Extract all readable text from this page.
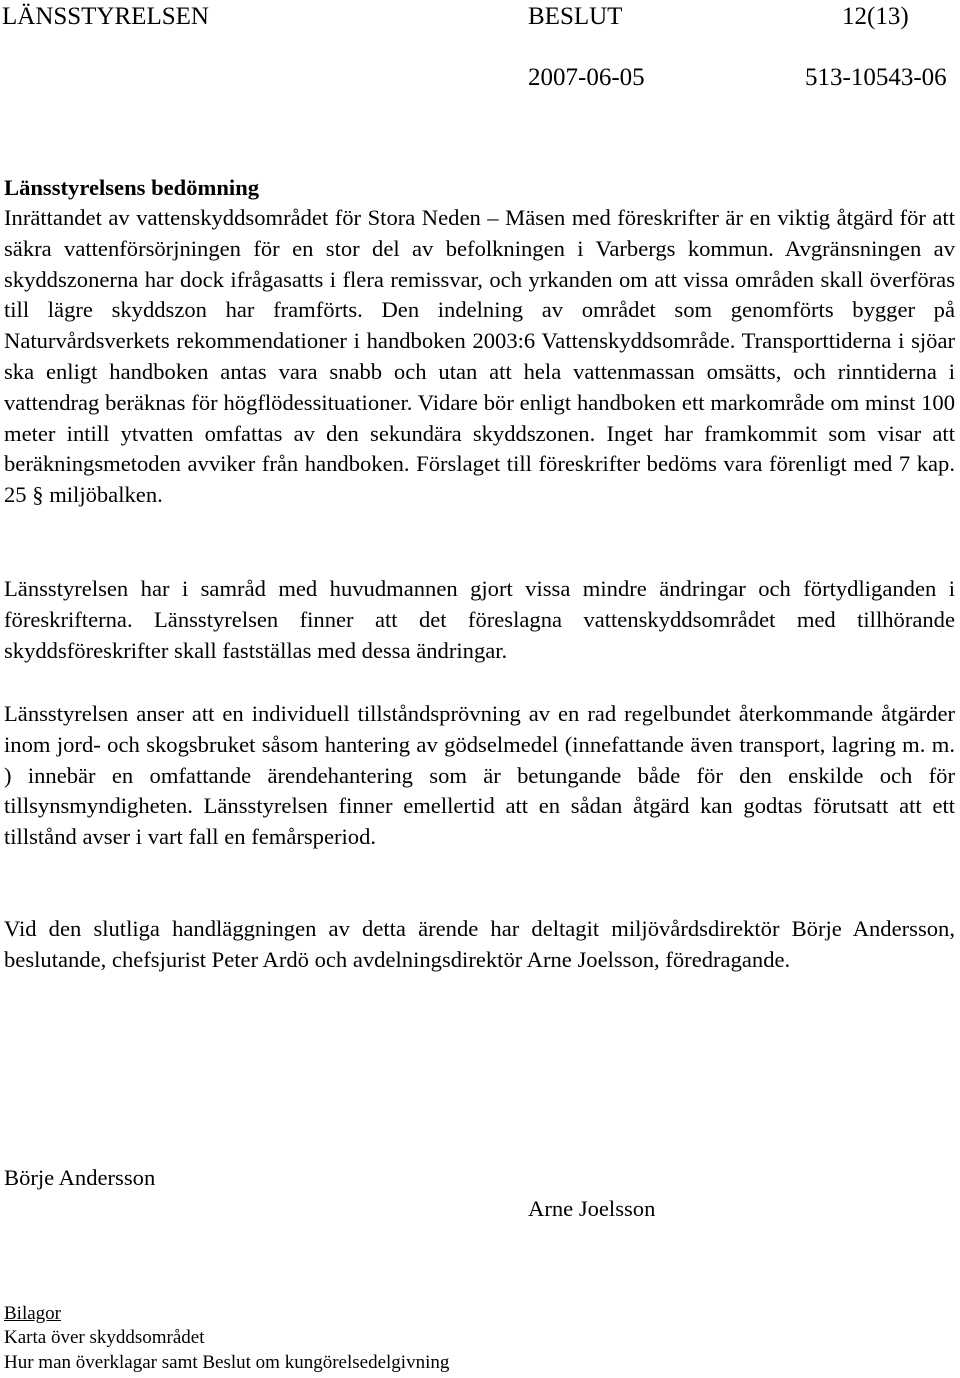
LÄNSSTYRELSEN	BESLUT	12(13)
2007-06-05	513-10543-06
Länsstyrelsens bedömning
Inrättandet av vattenskyddsområdet för Stora Neden – Mäsen med föreskrifter är en viktig åtgärd för att säkra vattenförsörjningen för en stor del av befolkningen i Varbergs kommun. Avgränsningen av skyddszonerna har dock ifrågasatts i flera remissvar, och yrkanden om att vissa områden skall överföras till lägre skyddszon har framförts. Den indelning av området som genomförts bygger på Naturvårdsverkets rekommendationer i handboken 2003:6 Vattenskyddsområde. Transporttiderna i sjöar ska enligt handboken antas vara snabb och utan att hela vattenmassan omsätts, och rinntiderna i vattendrag beräknas för högflödessituationer. Vidare bör enligt handboken ett markområde om minst 100 meter intill ytvatten omfattas av den sekundära skyddszonen. Inget har framkommit som visar att beräkningsmetoden avviker från handboken. Förslaget till föreskrifter bedöms vara förenligt med 7 kap. 25 § miljöbalken.
Länsstyrelsen har i samråd med huvudmannen gjort vissa mindre ändringar och förtydliganden i föreskrifterna. Länsstyrelsen finner att det föreslagna vattenskyddsområdet med tillhörande skyddsföreskrifter skall fastställas med dessa ändringar.
Länsstyrelsen anser att en individuell tillståndsprövning av en rad regelbundet återkommande åtgärder inom jord- och skogsbruket såsom hantering av gödselmedel (innefattande även transport, lagring m. m. ) innebär en omfattande ärendehantering som är betungande både för den enskilde och för tillsynsmyndigheten. Länsstyrelsen finner emellertid att en sådan åtgärd kan godtas förutsatt att ett tillstånd avser i vart fall en femårsperiod.
Vid den slutliga handläggningen av detta ärende har deltagit miljövårdsdirektör Börje Andersson, beslutande, chefsjurist Peter Ardö och avdelningsdirektör Arne Joelsson, föredragande.
Börje Andersson
Arne Joelsson
Bilagor
Karta över skyddsområdet
Hur man överklagar samt Beslut om kungörelsedelgivning
